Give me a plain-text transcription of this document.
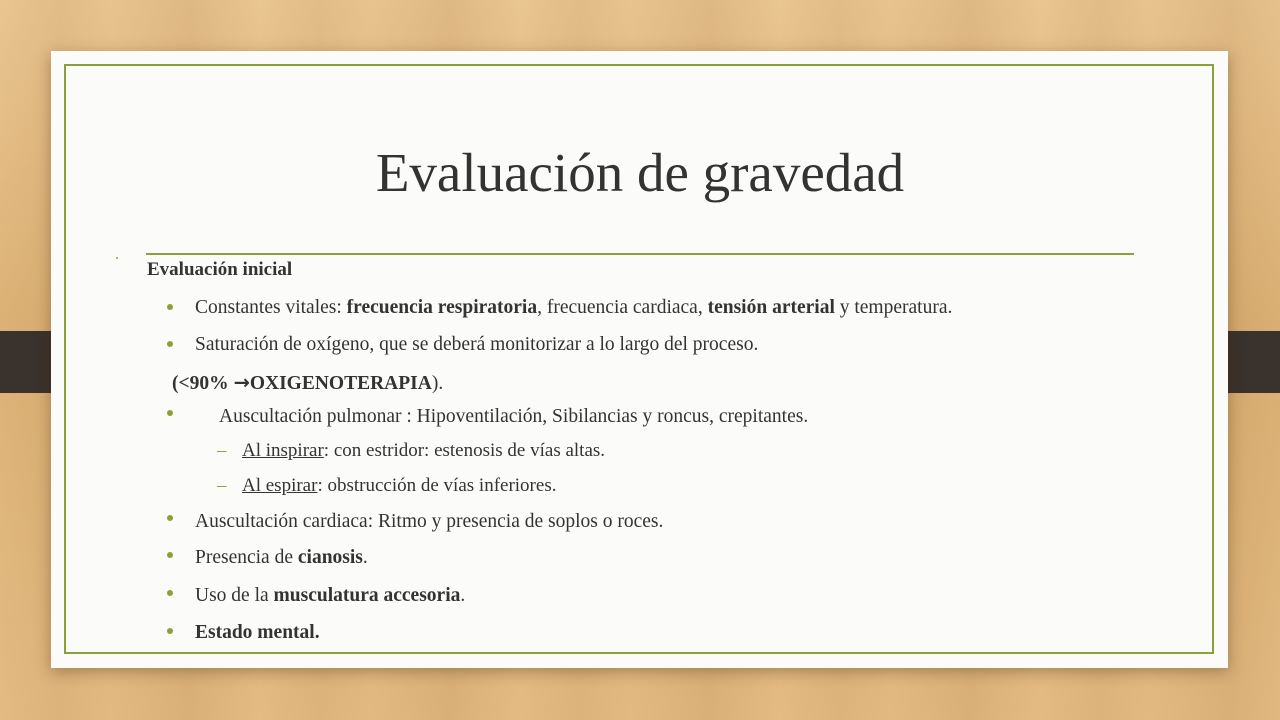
Evaluación de gravedad
Evaluación inicial
Constantes vitales: frecuencia respiratoria, frecuencia cardiaca, tensión arterial y temperatura.
Saturación de oxígeno, que se deberá monitorizar a lo largo del proceso.
(<90% →OXIGENOTERAPIA).
Auscultación pulmonar : Hipoventilación, Sibilancias y roncus, crepitantes.
– Al inspirar: con estridor: estenosis de vías altas.
– Al espirar: obstrucción de vías inferiores.
Auscultación cardiaca: Ritmo y presencia de soplos o roces.
Presencia de cianosis.
Uso de la musculatura accesoria.
Estado mental.
